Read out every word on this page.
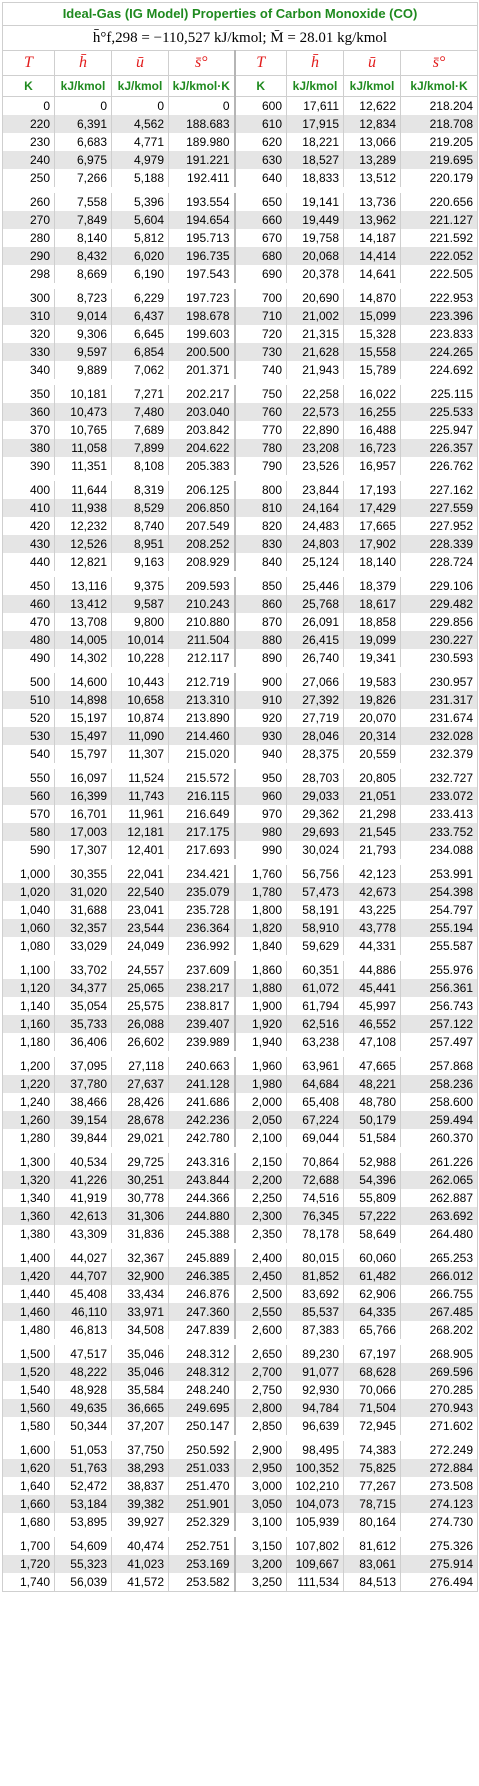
Ideal-Gas (IG Model) Properties of Carbon Monoxide (CO)							
h̄°f,298 = −110,527 kJ/kmol; M̄ = 28.01 kg/kmol							
T	h̄	ū	s̄°	T	h̄	ū	s̄°
K	kJ/kmol	kJ/kmol	kJ/kmol·K	K	kJ/kmol	kJ/kmol	kJ/kmol·K
0	0	0	0	600	17,611	12,622	218.204
220	6,391	4,562	188.683	610	17,915	12,834	218.708
230	6,683	4,771	189.980	620	18,221	13,066	219.205
240	6,975	4,979	191.221	630	18,527	13,289	219.695
250	7,266	5,188	192.411	640	18,833	13,512	220.179

260	7,558	5,396	193.554	650	19,141	13,736	220.656
270	7,849	5,604	194.654	660	19,449	13,962	221.127
280	8,140	5,812	195.713	670	19,758	14,187	221.592
290	8,432	6,020	196.735	680	20,068	14,414	222.052
298	8,669	6,190	197.543	690	20,378	14,641	222.505

300	8,723	6,229	197.723	700	20,690	14,870	222.953
310	9,014	6,437	198.678	710	21,002	15,099	223.396
320	9,306	6,645	199.603	720	21,315	15,328	223.833
330	9,597	6,854	200.500	730	21,628	15,558	224.265
340	9,889	7,062	201.371	740	21,943	15,789	224.692

350	10,181	7,271	202.217	750	22,258	16,022	225.115
360	10,473	7,480	203.040	760	22,573	16,255	225.533
370	10,765	7,689	203.842	770	22,890	16,488	225.947
380	11,058	7,899	204.622	780	23,208	16,723	226.357
390	11,351	8,108	205.383	790	23,526	16,957	226.762

400	11,644	8,319	206.125	800	23,844	17,193	227.162
410	11,938	8,529	206.850	810	24,164	17,429	227.559
420	12,232	8,740	207.549	820	24,483	17,665	227.952
430	12,526	8,951	208.252	830	24,803	17,902	228.339
440	12,821	9,163	208.929	840	25,124	18,140	228.724

450	13,116	9,375	209.593	850	25,446	18,379	229.106
460	13,412	9,587	210.243	860	25,768	18,617	229.482
470	13,708	9,800	210.880	870	26,091	18,858	229.856
480	14,005	10,014	211.504	880	26,415	19,099	230.227
490	14,302	10,228	212.117	890	26,740	19,341	230.593

500	14,600	10,443	212.719	900	27,066	19,583	230.957
510	14,898	10,658	213.310	910	27,392	19,826	231.317
520	15,197	10,874	213.890	920	27,719	20,070	231.674
530	15,497	11,090	214.460	930	28,046	20,314	232.028
540	15,797	11,307	215.020	940	28,375	20,559	232.379

550	16,097	11,524	215.572	950	28,703	20,805	232.727
560	16,399	11,743	216.115	960	29,033	21,051	233.072
570	16,701	11,961	216.649	970	29,362	21,298	233.413
580	17,003	12,181	217.175	980	29,693	21,545	233.752
590	17,307	12,401	217.693	990	30,024	21,793	234.088

1,000	30,355	22,041	234.421	1,760	56,756	42,123	253.991
1,020	31,020	22,540	235.079	1,780	57,473	42,673	254.398
1,040	31,688	23,041	235.728	1,800	58,191	43,225	254.797
1,060	32,357	23,544	236.364	1,820	58,910	43,778	255.194
1,080	33,029	24,049	236.992	1,840	59,629	44,331	255.587

1,100	33,702	24,557	237.609	1,860	60,351	44,886	255.976
1,120	34,377	25,065	238.217	1,880	61,072	45,441	256.361
1,140	35,054	25,575	238.817	1,900	61,794	45,997	256.743
1,160	35,733	26,088	239.407	1,920	62,516	46,552	257.122
1,180	36,406	26,602	239.989	1,940	63,238	47,108	257.497

1,200	37,095	27,118	240.663	1,960	63,961	47,665	257.868
1,220	37,780	27,637	241.128	1,980	64,684	48,221	258.236
1,240	38,466	28,426	241.686	2,000	65,408	48,780	258.600
1,260	39,154	28,678	242.236	2,050	67,224	50,179	259.494
1,280	39,844	29,021	242.780	2,100	69,044	51,584	260.370

1,300	40,534	29,725	243.316	2,150	70,864	52,988	261.226
1,320	41,226	30,251	243.844	2,200	72,688	54,396	262.065
1,340	41,919	30,778	244.366	2,250	74,516	55,809	262.887
1,360	42,613	31,306	244.880	2,300	76,345	57,222	263.692
1,380	43,309	31,836	245.388	2,350	78,178	58,649	264.480

1,400	44,027	32,367	245.889	2,400	80,015	60,060	265.253
1,420	44,707	32,900	246.385	2,450	81,852	61,482	266.012
1,440	45,408	33,434	246.876	2,500	83,692	62,906	266.755
1,460	46,110	33,971	247.360	2,550	85,537	64,335	267.485
1,480	46,813	34,508	247.839	2,600	87,383	65,766	268.202

1,500	47,517	35,046	248.312	2,650	89,230	67,197	268.905
1,520	48,222	35,046	248.312	2,700	91,077	68,628	269.596
1,540	48,928	35,584	248.240	2,750	92,930	70,066	270.285
1,560	49,635	36,665	249.695	2,800	94,784	71,504	270.943
1,580	50,344	37,207	250.147	2,850	96,639	72,945	271.602

1,600	51,053	37,750	250.592	2,900	98,495	74,383	272.249
1,620	51,763	38,293	251.033	2,950	100,352	75,825	272.884
1,640	52,472	38,837	251.470	3,000	102,210	77,267	273.508
1,660	53,184	39,382	251.901	3,050	104,073	78,715	274.123
1,680	53,895	39,927	252.329	3,100	105,939	80,164	274.730

1,700	54,609	40,474	252.751	3,150	107,802	81,612	275.326
1,720	55,323	41,023	253.169	3,200	109,667	83,061	275.914
1,740	56,039	41,572	253.582	3,250	111,534	84,513	276.494
